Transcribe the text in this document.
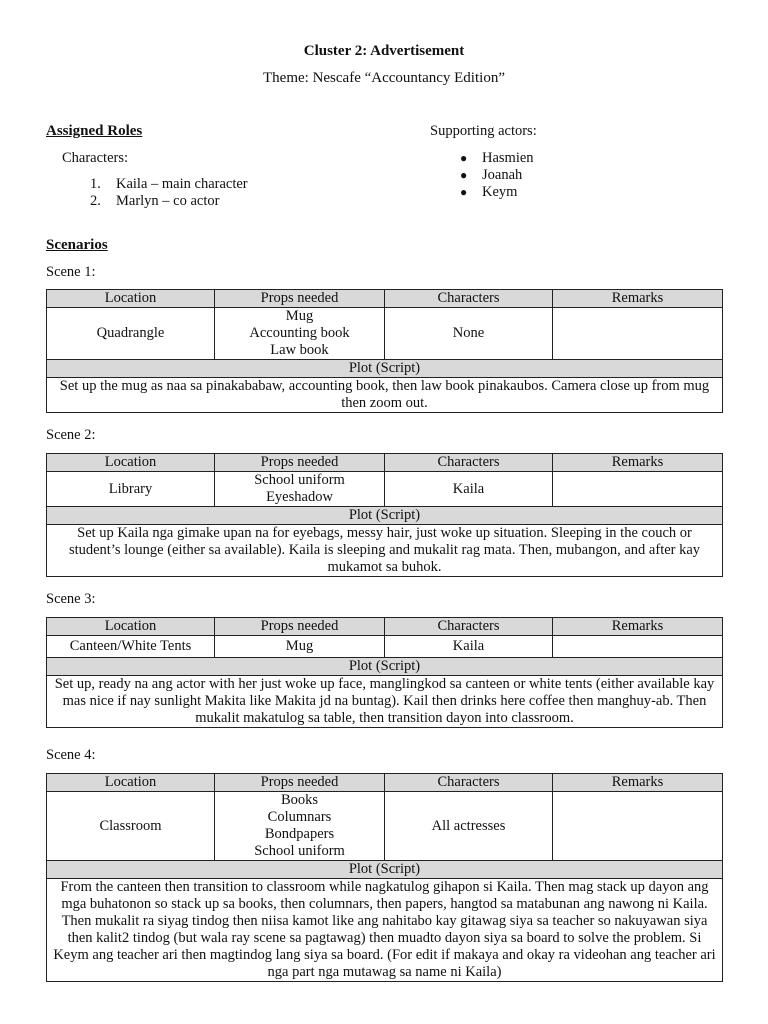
Cluster 2: Advertisement
Theme: Nescafe “Accountancy Edition”
Assigned Roles
Characters:
1. Kaila – main character
2. Marlyn – co actor
Supporting actors:
● Hasmien
● Joanah
● Keym
Scenarios
Scene 1:
Location	Props needed	Characters	Remarks
Quadrangle	Mug
Accounting book
Law book	None	
Plot (Script)			
Set up the mug as naa sa pinakababaw, accounting book, then law book pinakaubos. Camera close up from mug then zoom out.			
Scene 2:
Location	Props needed	Characters	Remarks
Library	School uniform
Eyeshadow	Kaila	
Plot (Script)			
Set up Kaila nga gimake upan na for eyebags, messy hair, just woke up situation. Sleeping in the couch or student’s lounge (either sa available). Kaila is sleeping and mukalit rag mata. Then, mubangon, and after kay mukamot sa buhok.			
Scene 3:
Location	Props needed	Characters	Remarks
Canteen/White Tents	Mug	Kaila	
Plot (Script)			
Set up, ready na ang actor with her just woke up face, manglingkod sa canteen or white tents (either available kay mas nice if nay sunlight Makita like Makita jd na buntag). Kail then drinks here coffee then manghuy-ab. Then mukalit makatulog sa table, then transition dayon into classroom.			
Scene 4:
Location	Props needed	Characters	Remarks
Classroom	Books
Columnars
Bondpapers
School uniform	All actresses	
Plot (Script)			
From the canteen then transition to classroom while nagkatulog gihapon si Kaila. Then mag stack up dayon ang mga buhatonon so stack up sa books, then columnars, then papers, hangtod sa matabunan ang nawong ni Kaila. Then mukalit ra siyag tindog then niisa kamot like ang nahitabo kay gitawag siya sa teacher so nakuyawan siya then kalit2 tindog (but wala ray scene sa pagtawag) then muadto dayon siya sa board to solve the problem. Si Keym ang teacher ari then magtindog lang siya sa board. (For edit if makaya and okay ra videohan ang teacher ari nga part nga mutawag sa name ni Kaila)			
